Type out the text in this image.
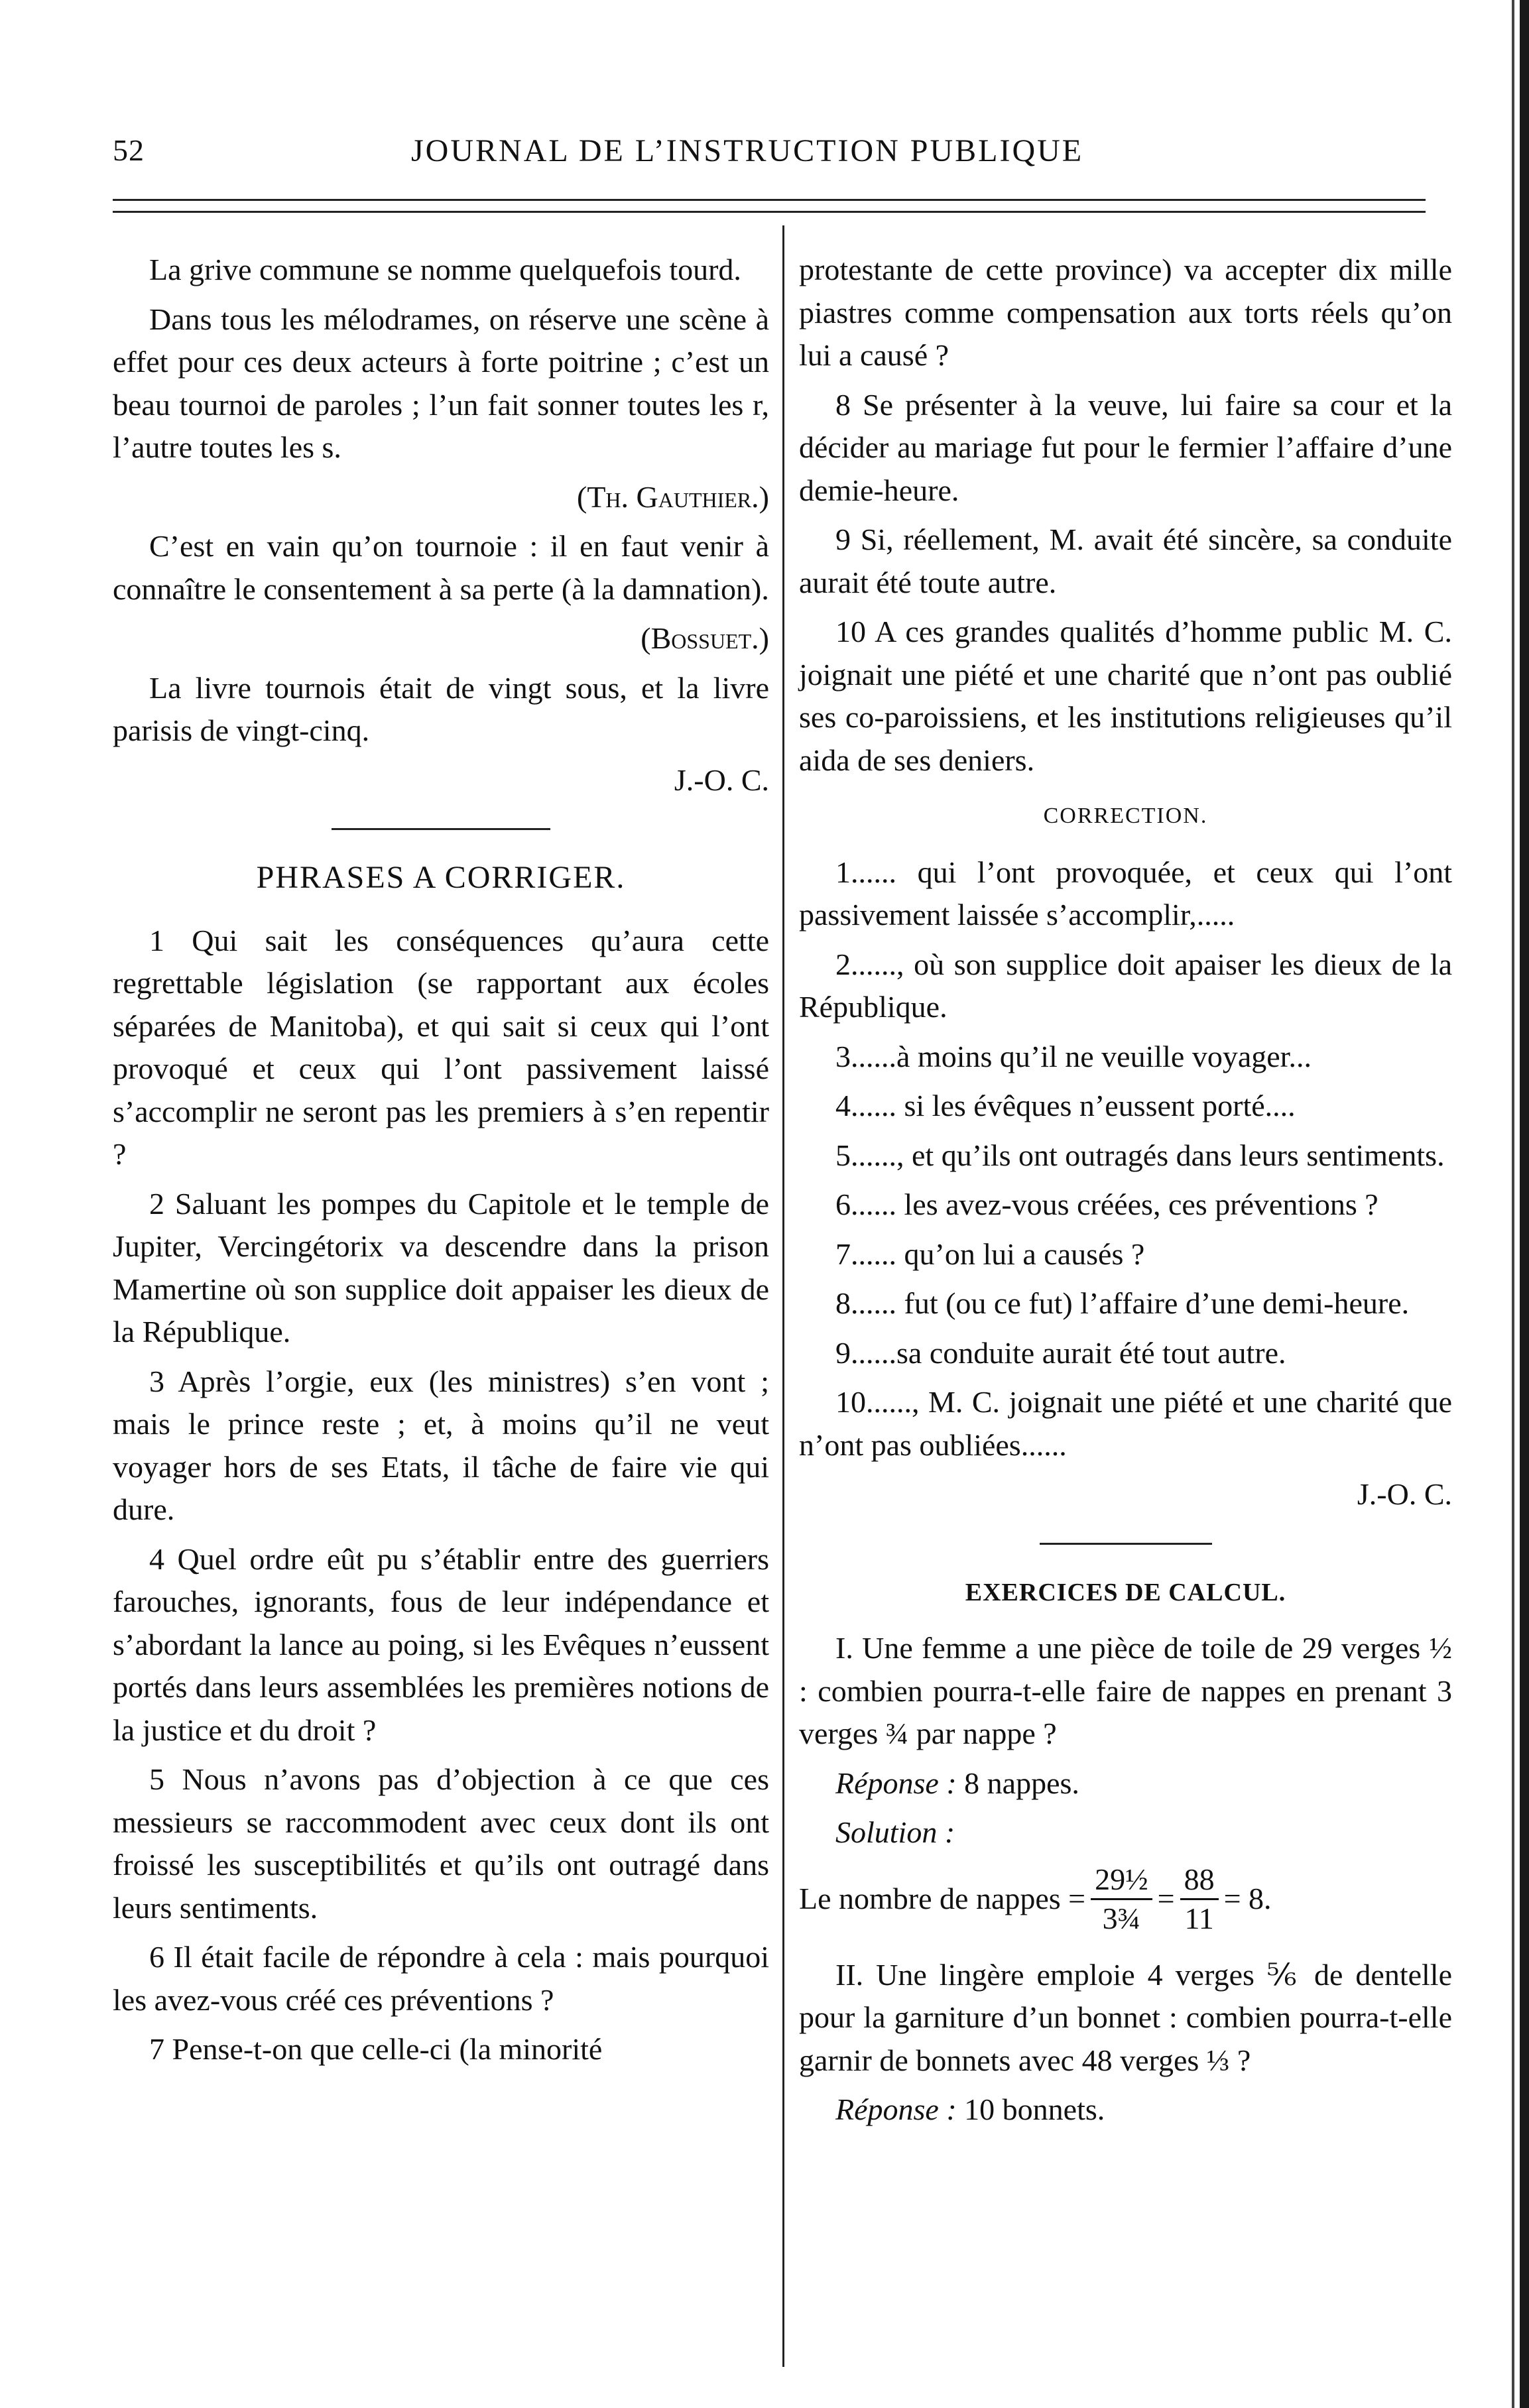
52	JOURNAL DE L’INSTRUCTION PUBLIQUE

La grive commune se nomme quelquefois tourd.

Dans tous les mélodrames, on réserve une scène à effet pour ces deux acteurs à forte poitrine ; c’est un beau tournoi de paroles ; l’un fait sonner toutes les r, l’autre toutes les s.

(Th. Gauthier.)

C’est en vain qu’on tournoie : il en faut venir à connaître le consentement à sa perte (à la damnation).

(Bossuet.)

La livre tournois était de vingt sous, et la livre parisis de vingt-cinq.

J.-O. C.

PHRASES A CORRIGER.

1 Qui sait les conséquences qu’aura cette regrettable législation (se rapportant aux écoles séparées de Manitoba), et qui sait si ceux qui l’ont provoqué et ceux qui l’ont passivement laissé s’accomplir ne seront pas les premiers à s’en repentir ?

2 Saluant les pompes du Capitole et le temple de Jupiter, Vercingétorix va descendre dans la prison Mamertine où son supplice doit appaiser les dieux de la République.

3 Après l’orgie, eux (les ministres) s’en vont ; mais le prince reste ; et, à moins qu’il ne veut voyager hors de ses Etats, il tâche de faire vie qui dure.

4 Quel ordre eût pu s’établir entre des guerriers farouches, ignorants, fous de leur indépendance et s’abordant la lance au poing, si les Evêques n’eussent portés dans leurs assemblées les premières notions de la justice et du droit ?

5 Nous n’avons pas d’objection à ce que ces messieurs se raccommodent avec ceux dont ils ont froissé les susceptibilités et qu’ils ont outragé dans leurs sentiments.

6 Il était facile de répondre à cela : mais pourquoi les avez-vous créé ces préventions ?

7 Pense-t-on que celle-ci (la minorité

protestante de cette province) va accepter dix mille piastres comme compensation aux torts réels qu’on lui a causé ?

8 Se présenter à la veuve, lui faire sa cour et la décider au mariage fut pour le fermier l’affaire d’une demie-heure.

9 Si, réellement, M. avait été sincère, sa conduite aurait été toute autre.

10 A ces grandes qualités d’homme public M. C. joignait une piété et une charité que n’ont pas oublié ses co-paroissiens, et les institutions religieuses qu’il aida de ses deniers.

CORRECTION.

1...... qui l’ont provoquée, et ceux qui l’ont passivement laissée s’accomplir,.....

2......, où son supplice doit apaiser les dieux de la République.

3......à moins qu’il ne veuille voyager...

4...... si les évêques n’eussent porté....

5......, et qu’ils ont outragés dans leurs sentiments.

6...... les avez-vous créées, ces préventions ?

7...... qu’on lui a causés ?

8...... fut (ou ce fut) l’affaire d’une demi-heure.

9......sa conduite aurait été tout autre.

10......, M. C. joignait une piété et une charité que n’ont pas oubliées......

J.-O. C.

EXERCICES DE CALCUL.

I. Une femme a une pièce de toile de 29 verges ½ : combien pourra-t-elle faire de nappes en prenant 3 verges ¾ par nappe ?

Réponse : 8 nappes.

Solution :

Le nombre de nappes = $\frac{\text{29½}}{\text{3¾}} = \frac{88}{11} = 8$.

II. Une lingère emploie 4 verges ⅚ de dentelle pour la garniture d’un bonnet : combien pourra-t-elle garnir de bonnets avec 48 verges ⅓ ?

Réponse : 10 bonnets.
